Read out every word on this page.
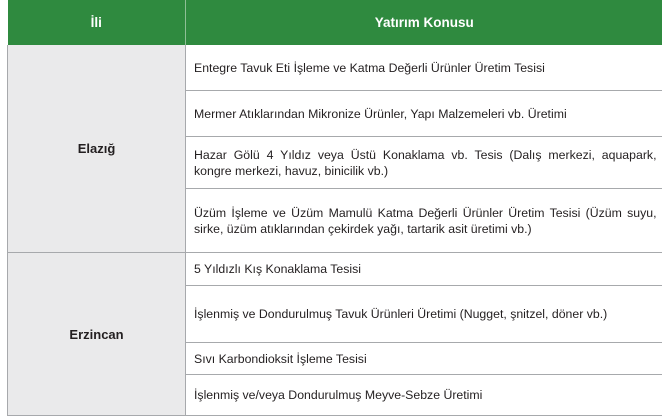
İli	Yatırım Konusu
Elazığ	Entegre Tavuk Eti İşleme ve Katma Değerli Ürünler Üretim Tesisi
	Mermer Atıklarından Mikronize Ürünler, Yapı Malzemeleri vb. Üretimi
	Hazar Gölü 4 Yıldız veya Üstü Konaklama vb. Tesis (Dalış merkezi, aquapark, kongre merkezi, havuz, binicilik vb.)
	Üzüm İşleme ve Üzüm Mamulü Katma Değerli Ürünler Üretim Tesisi (Üzüm suyu, sirke, üzüm atıklarından çekirdek yağı, tartarik asit üretimi vb.)
Erzincan	5 Yıldızlı Kış Konaklama Tesisi
	İşlenmiş ve Dondurulmuş Tavuk Ürünleri Üretimi (Nugget, şnitzel, döner vb.)
	Sıvı Karbondioksit İşleme Tesisi
	İşlenmiş ve/veya Dondurulmuş Meyve-Sebze Üretimi
